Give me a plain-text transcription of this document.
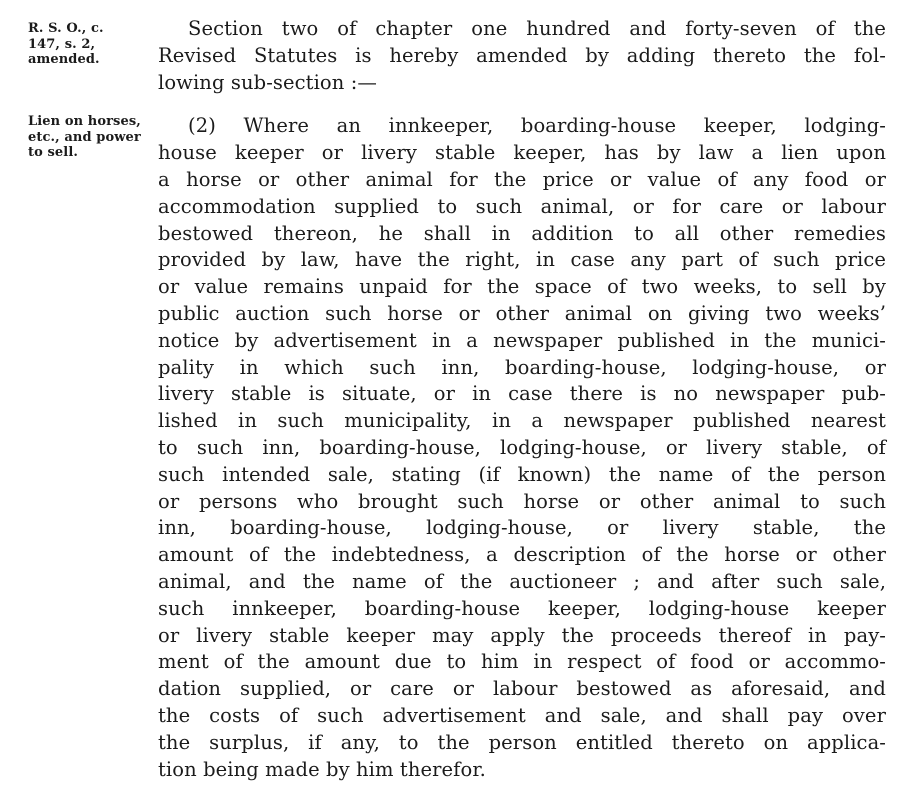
R. S. O., c.
147, s. 2,
amended.
Lien on horses,
etc., and power
to sell.
Section two of chapter one hundred and forty-seven of the
Revised Statutes is hereby amended by adding thereto the fol-
lowing sub-section :—
(2) Where an innkeeper, boarding-house keeper, lodging-
house keeper or livery stable keeper, has by law a lien upon
a horse or other animal for the price or value of any food or
accommodation supplied to such animal, or for care or labour
bestowed thereon, he shall in addition to all other remedies
provided by law, have the right, in case any part of such price
or value remains unpaid for the space of two weeks, to sell by
public auction such horse or other animal on giving two weeks’
notice by advertisement in a newspaper published in the munici-
pality in which such inn, boarding-house, lodging-house, or
livery stable is situate, or in case there is no newspaper pub-
lished in such municipality, in a newspaper published nearest
to such inn, boarding-house, lodging-house, or livery stable, of
such intended sale, stating (if known) the name of the person
or persons who brought such horse or other animal to such
inn, boarding-house, lodging-house, or livery stable, the
amount of the indebtedness, a description of the horse or other
animal, and the name of the auctioneer ; and after such sale,
such innkeeper, boarding-house keeper, lodging-house keeper
or livery stable keeper may apply the proceeds thereof in pay-
ment of the amount due to him in respect of food or accommo-
dation supplied, or care or labour bestowed as aforesaid, and
the costs of such advertisement and sale, and shall pay over
the surplus, if any, to the person entitled thereto on applica-
tion being made by him therefor.
